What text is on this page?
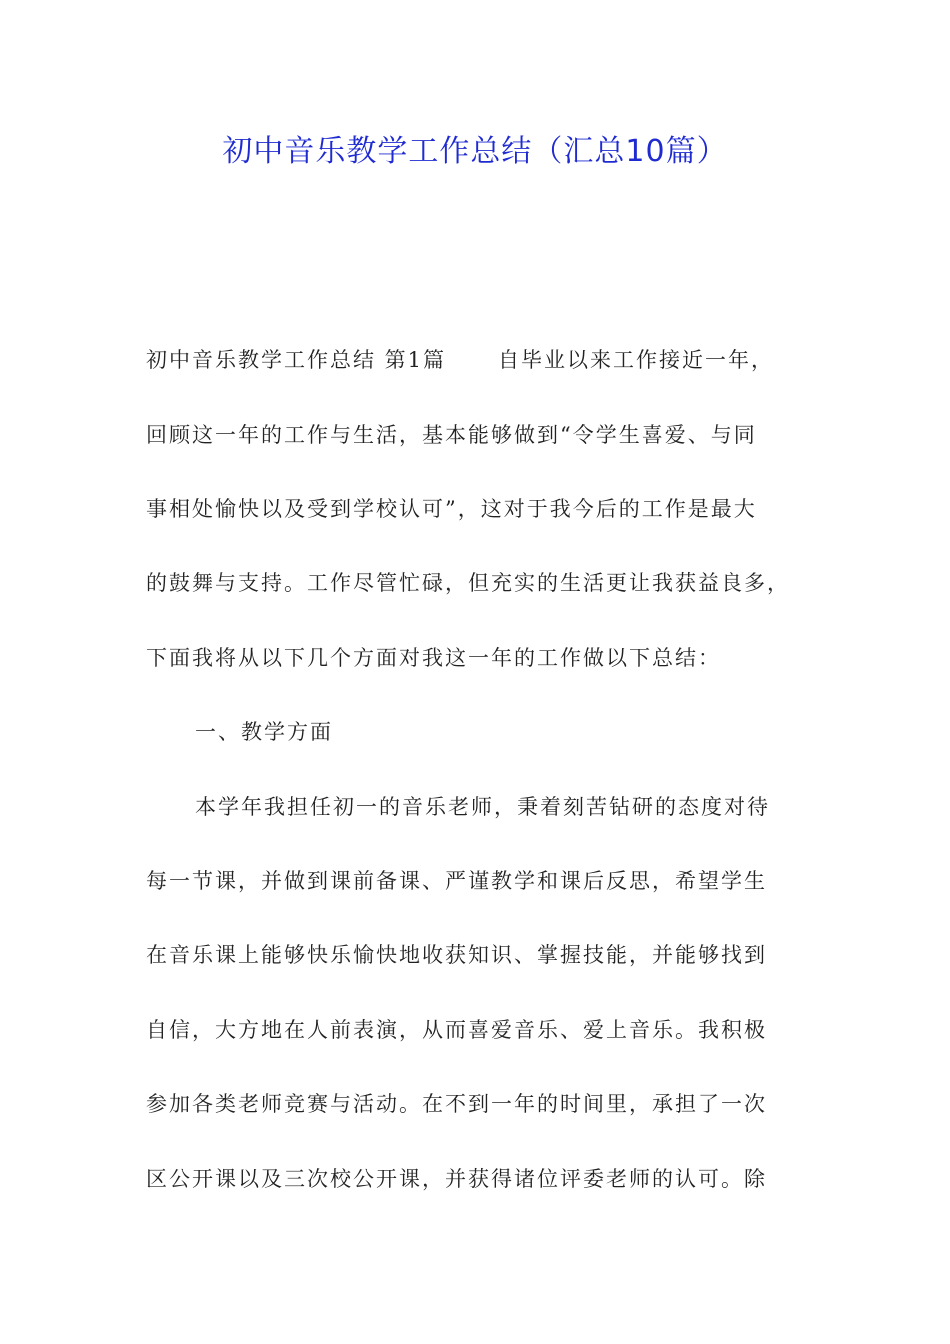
初中音乐教学工作总结（汇总10篇）
初中音乐教学工作总结 第1篇 自毕业以来工作接近一年，
回顾这一年的工作与生活，基本能够做到“令学生喜爱、与同
事相处愉快以及受到学校认可”，这对于我今后的工作是最大
的鼓舞与支持。工作尽管忙碌，但充实的生活更让我获益良多，
下面我将从以下几个方面对我这一年的工作做以下总结：
一、教学方面
本学年我担任初一的音乐老师，秉着刻苦钻研的态度对待
每一节课，并做到课前备课、严谨教学和课后反思，希望学生
在音乐课上能够快乐愉快地收获知识、掌握技能，并能够找到
自信，大方地在人前表演，从而喜爱音乐、爱上音乐。我积极
参加各类老师竞赛与活动。在不到一年的时间里，承担了一次
区公开课以及三次校公开课，并获得诸位评委老师的认可。除
